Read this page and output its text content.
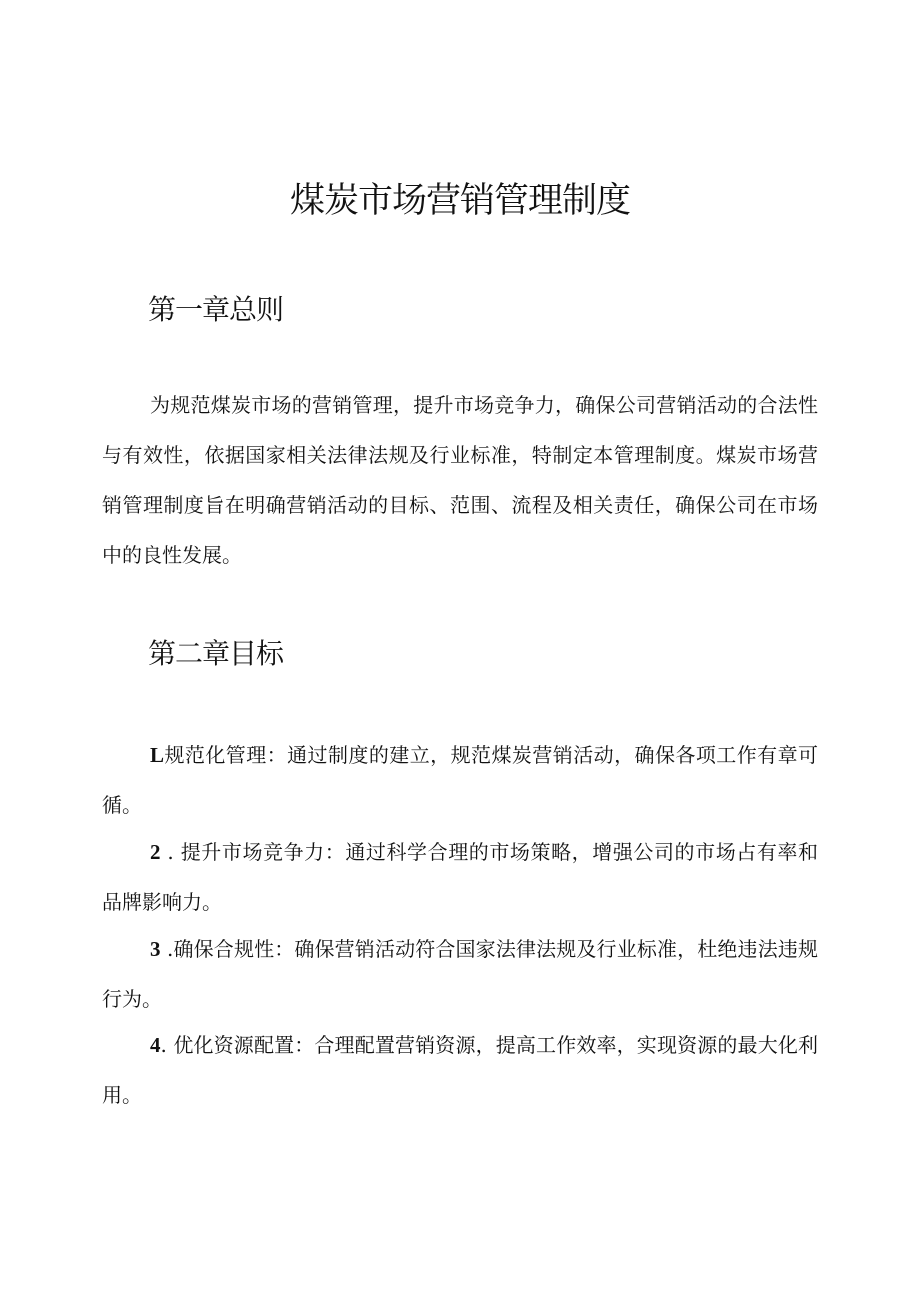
煤炭市场营销管理制度
第一章总则

为规范煤炭市场的营销管理，提升市场竞争力，确保公司营销活动的合法性与有效性，依据国家相关法律法规及行业标准，特制定本管理制度。煤炭市场营销管理制度旨在明确营销活动的目标、范围、流程及相关责任，确保公司在市场中的良性发展。

第二章目标

L规范化管理：通过制度的建立，规范煤炭营销活动，确保各项工作有章可循。

2 . 提升市场竞争力：通过科学合理的市场策略，增强公司的市场占有率和品牌影响力。

3 .确保合规性：确保营销活动符合国家法律法规及行业标准，杜绝违法违规行为。

4. 优化资源配置：合理配置营销资源，提高工作效率，实现资源的最大化利用。
